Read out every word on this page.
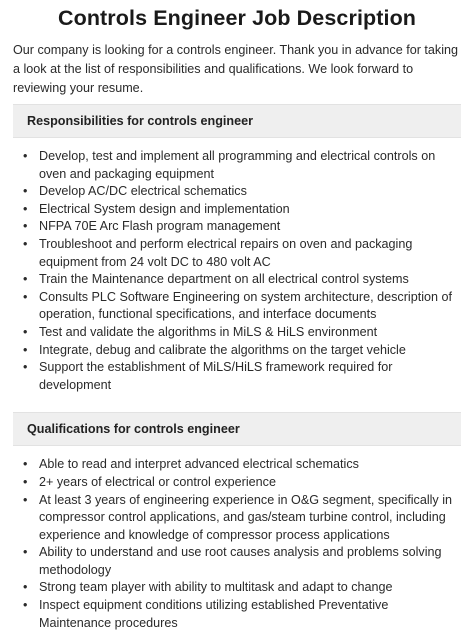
Controls Engineer Job Description

Our company is looking for a controls engineer. Thank you in advance for taking a look at the list of responsibilities and qualifications. We look forward to reviewing your resume.

Responsibilities for controls engineer
• Develop, test and implement all programming and electrical controls on oven and packaging equipment
• Develop AC/DC electrical schematics
• Electrical System design and implementation
• NFPA 70E Arc Flash program management
• Troubleshoot and perform electrical repairs on oven and packaging equipment from 24 volt DC to 480 volt AC
• Train the Maintenance department on all electrical control systems
• Consults PLC Software Engineering on system architecture, description of operation, functional specifications, and interface documents
• Test and validate the algorithms in MiLS & HiLS environment
• Integrate, debug and calibrate the algorithms on the target vehicle
• Support the establishment of MiLS/HiLS framework required for development
Qualifications for controls engineer
• Able to read and interpret advanced electrical schematics
• 2+ years of electrical or control experience
• At least 3 years of engineering experience in O&G segment, specifically in compressor control applications, and gas/steam turbine control, including experience and knowledge of compressor process applications
• Ability to understand and use root causes analysis and problems solving methodology
• Strong team player with ability to multitask and adapt to change
• Inspect equipment conditions utilizing established Preventative Maintenance procedures
